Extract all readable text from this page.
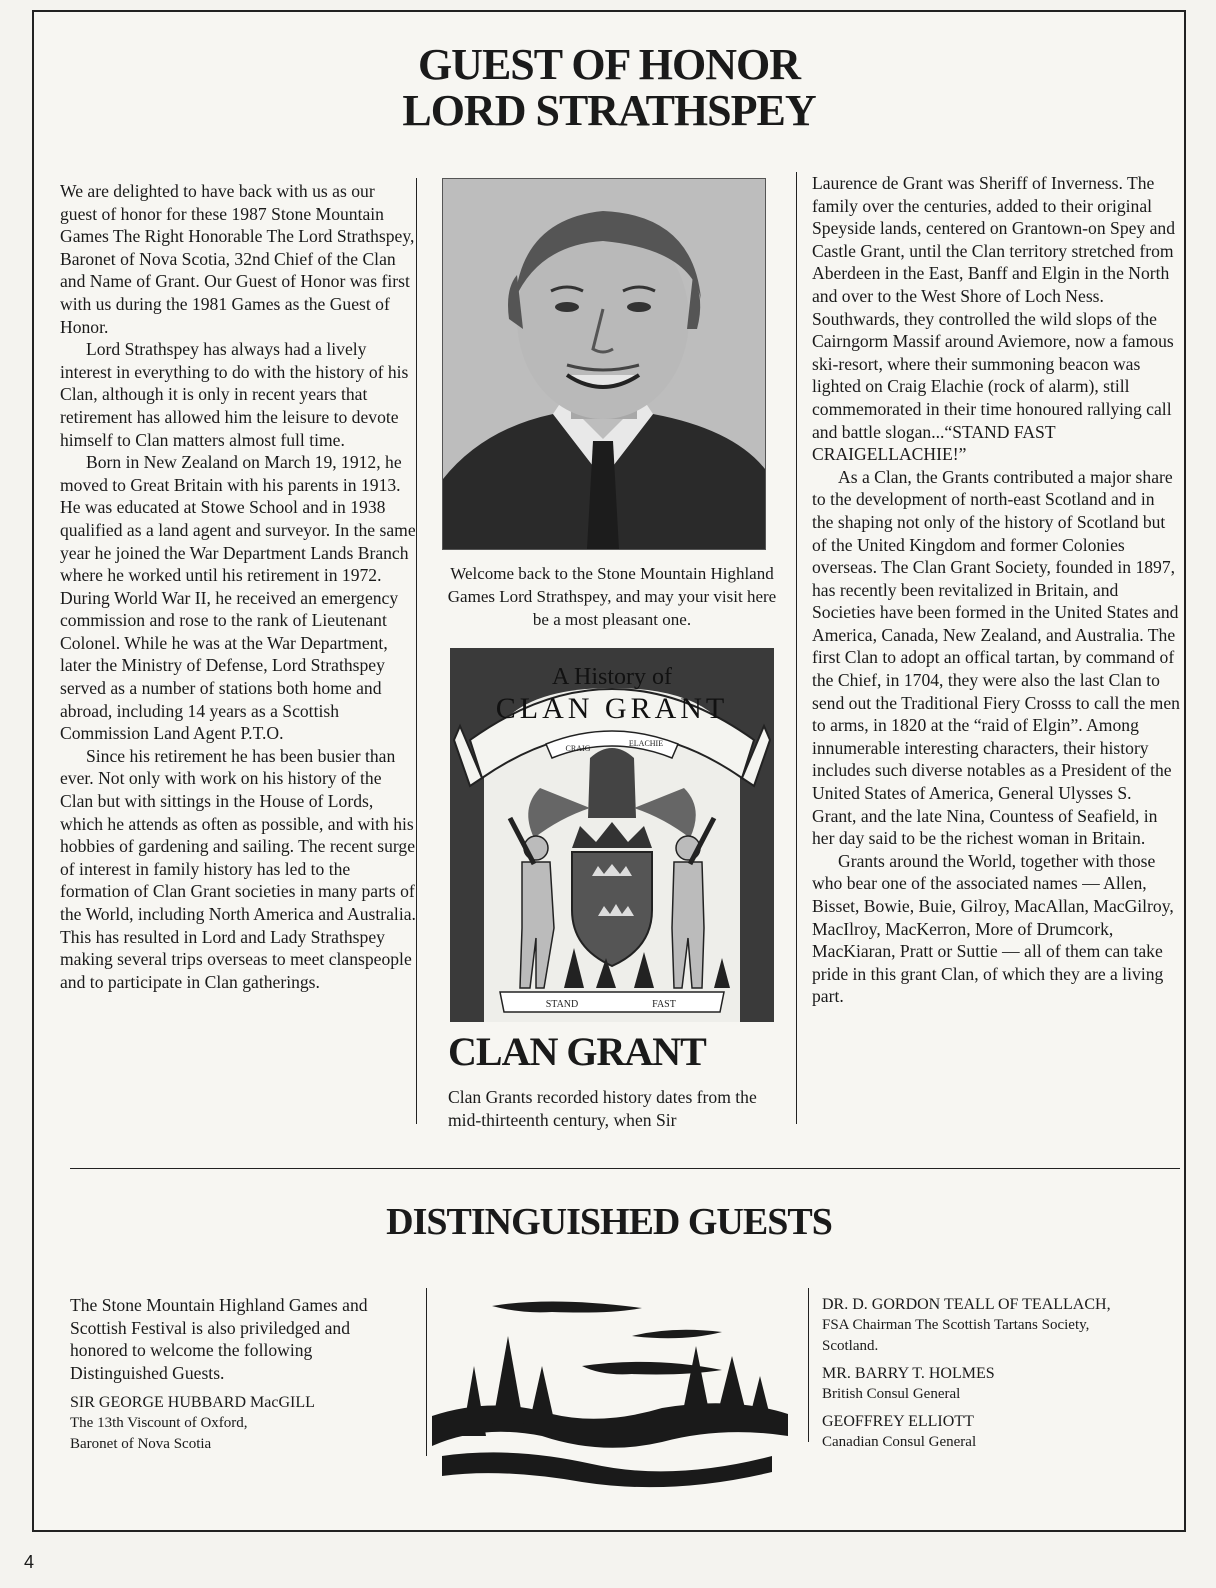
GUEST OF HONOR
LORD STRATHSPEY

We are delighted to have back with us as our guest of honor for these 1987 Stone Mountain Games The Right Honorable The Lord Strathspey, Baronet of Nova Scotia, 32nd Chief of the Clan and Name of Grant. Our Guest of Honor was first with us during the 1981 Games as the Guest of Honor.

Lord Strathspey has always had a lively interest in everything to do with the history of his Clan, although it is only in recent years that retirement has allowed him the leisure to devote himself to Clan matters almost full time.

Born in New Zealand on March 19, 1912, he moved to Great Britain with his parents in 1913. He was educated at Stowe School and in 1938 qualified as a land agent and surveyor. In the same year he joined the War Department Lands Branch where he worked until his retirement in 1972. During World War II, he received an emergency commission and rose to the rank of Lieutenant Colonel. While he was at the War Department, later the Ministry of Defense, Lord Strathspey served as a number of stations both home and abroad, including 14 years as a Scottish Commission Land Agent P.T.O.

Since his retirement he has been busier than ever. Not only with work on his history of the Clan but with sittings in the House of Lords, which he attends as often as possible, and with his hobbies of gardening and sailing. The recent surge of interest in family history has led to the formation of Clan Grant societies in many parts of the World, including North America and Australia. This has resulted in Lord and Lady Strathspey making several trips overseas to meet clanspeople and to participate in Clan gatherings.

Welcome back to the Stone Mountain Highland Games Lord Strathspey, and may your visit here be a most pleasant one.
A History of
CLAN GRANT
CRAIG
ELACHIE
STAND	FAST
CLAN GRANT
Clan Grants recorded history dates from the mid-thirteenth century, when Sir

Laurence de Grant was Sheriff of Inverness. The family over the centuries, added to their original Speyside lands, centered on Grantown-on Spey and Castle Grant, until the Clan territory stretched from Aberdeen in the East, Banff and Elgin in the North and over to the West Shore of Loch Ness. Southwards, they controlled the wild slops of the Cairngorm Massif around Aviemore, now a famous ski-resort, where their summoning beacon was lighted on Craig Elachie (rock of alarm), still commemorated in their time honoured rallying call and battle slogan...“STAND FAST CRAIGELLACHIE!”

As a Clan, the Grants contributed a major share to the development of north-east Scotland and in the shaping not only of the history of Scotland but of the United Kingdom and former Colonies overseas. The Clan Grant Society, founded in 1897, has recently been revitalized in Britain, and Societies have been formed in the United States and America, Canada, New Zealand, and Australia. The first Clan to adopt an offical tartan, by command of the Chief, in 1704, they were also the last Clan to send out the Traditional Fiery Crosss to call the men to arms, in 1820 at the “raid of Elgin”. Among innumerable interesting characters, their history includes such diverse notables as a President of the United States of America, General Ulysses S. Grant, and the late Nina, Countess of Seafield, in her day said to be the richest woman in Britain.

Grants around the World, together with those who bear one of the associated names — Allen, Bisset, Bowie, Buie, Gilroy, MacAllan, MacGilroy, MacIlroy, MacKerron, More of Drumcork, MacKiaran, Pratt or Suttie — all of them can take pride in this grant Clan, of which they are a living part.

DISTINGUISHED GUESTS
The Stone Mountain Highland Games and Scottish Festival is also priviledged and honored to welcome the following Distinguished Guests.
SIR GEORGE HUBBARD MacGILL
The 13th Viscount of Oxford,
Baronet of Nova Scotia
DR. D. GORDON TEALL OF TEALLACH,
FSA Chairman The Scottish Tartans Society,
Scotland.
MR. BARRY T. HOLMES
British Consul General
GEOFFREY ELLIOTT
Canadian Consul General
4
